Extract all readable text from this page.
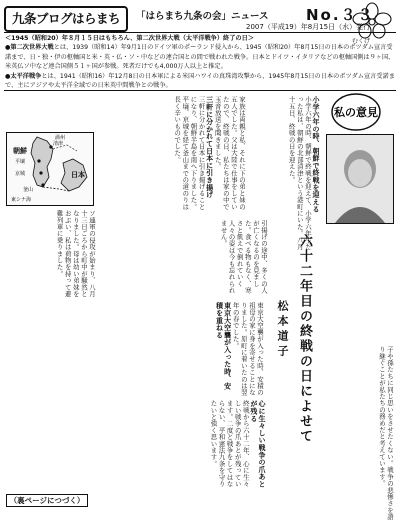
九条ブログはらまち	「はらまち九条の会」ニュース No.３３
2007（平成19）年8月15日（水）発行
むくげ
＜1945（昭和20）年８月１５日はもちろん、第二次世界大戦（太平洋戦争）終了の日＞
●第二次世界大戦とは、1939（昭和14）年9月1日のドイツ軍のポーランド侵入から、1945（昭和20）年8月15日の日本のポツダム宣言受諾まで、日・独・伊の枢軸国と米・英・仏・ソ・中などの連合国との間で戦われた戦争。日本とドイツ・イタリアなどの枢軸国側は９ヶ国、米英仏ソ中など連合国側５１ヶ国が参戦。死者だけでも4,000万人以上と推定。
●太平洋戦争とは、1941（昭和16）年12月8日の日本軍による米国ハワイの真珠湾攻撃から、1945年8月15日の日本のポツダム宣言受諾まで、主にアジアや太平洋全域での日米英中間戦争との戦争。
清津
満州
朝鮮
平壌
京城
釜山
日本
東シナ海
私の意見
六十二年目の終戦の日によせて
松本道子
小学六年の時、朝鮮で終戦を迎える
小学六年の時、朝鮮で終戦を迎えて、小学六年生だった私は、朝鮮の北部清津という港町にいた。八月十五日、終戦の日を迎えた。
家族は両親と私、それに下の弟と妹の五人でした。父は大陸で仕事をしていたので、終戦の日、私たちは家の中で玉音放送を聞きました。
三軒に分かれて日本に引き揚げ
三軒に分かれて日本に引き揚げることになり、朝鮮半島を南へ下りました。平壌、京城を経て釜山までの道のりは長く辛いものでした。
ソ連軍の侵攻が始まり、八月十三日ごろから町中が騒然となりました。母は幼い弟妹をおぶい、私は荷物を持って避難列車に乗りました。	引揚げの途中、多くの人が亡くなるのを見ました。食べる物もなく、寒さと飢えで倒れていく人々の姿は今も忘れられません。
東京大空襲が入った時、安積の祖母の家に身を寄せることになりました。原町に着いたのは翌年の春でした。
東京大空襲が入った時、安積を重ねる
心に生々しい戦争の爪あとが残る
終戦から六十二年、心に生々しい戦争の爪あとが残っています。二度と戦争をしてはならない、平和憲法九条を守りたいと強く思います。	子や孫たちに同じ思いをさせたくない。戦争の悲惨さを語り継ぐことが私たちの務めだと考えています。
（裏ページにつづく）
